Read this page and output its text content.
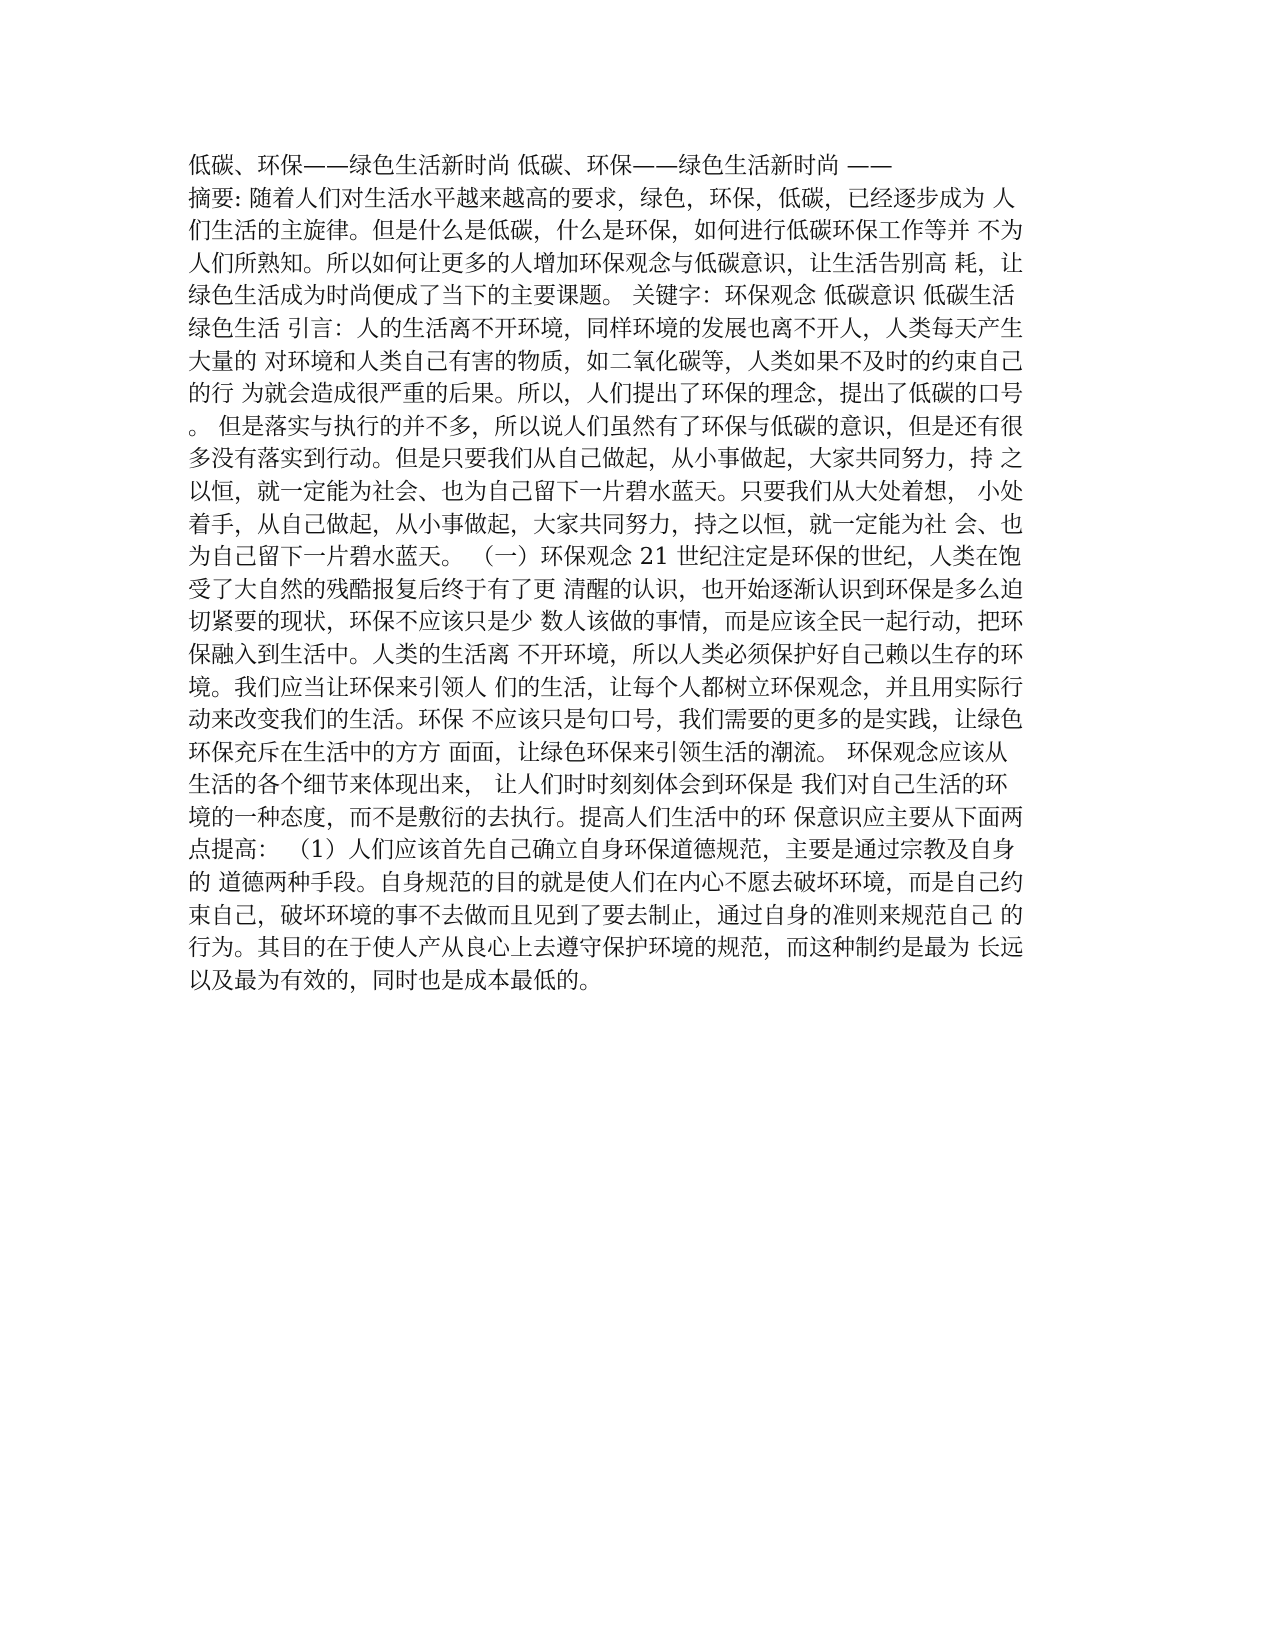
低碳、环保——绿色生活新时尚 低碳、环保——绿色生活新时尚 ——
摘要: 随着人们对生活水平越来越高的要求，绿色，环保，低碳，已经逐步成为 人
们生活的主旋律。但是什么是低碳，什么是环保，如何进行低碳环保工作等并 不为
人们所熟知。所以如何让更多的人增加环保观念与低碳意识，让生活告别高 耗，让
绿色生活成为时尚便成了当下的主要课题。 关键字：环保观念 低碳意识 低碳生活
绿色生活 引言：人的生活离不开环境，同样环境的发展也离不开人，人类每天产生
大量的 对环境和人类自己有害的物质，如二氧化碳等，人类如果不及时的约束自己
的行 为就会造成很严重的后果。所以，人们提出了环保的理念，提出了低碳的口号
。 但是落实与执行的并不多，所以说人们虽然有了环保与低碳的意识，但是还有很
多没有落实到行动。但是只要我们从自己做起，从小事做起，大家共同努力，持 之
以恒，就一定能为社会、也为自己留下一片碧水蓝天。只要我们从大处着想， 小处
着手，从自己做起，从小事做起，大家共同努力，持之以恒，就一定能为社 会、也
为自己留下一片碧水蓝天。 （一）环保观念 21 世纪注定是环保的世纪，人类在饱
受了大自然的残酷报复后终于有了更 清醒的认识，也开始逐渐认识到环保是多么迫
切紧要的现状，环保不应该只是少 数人该做的事情，而是应该全民一起行动，把环
保融入到生活中。人类的生活离 不开环境，所以人类必须保护好自己赖以生存的环
境。我们应当让环保来引领人 们的生活，让每个人都树立环保观念，并且用实际行
动来改变我们的生活。环保 不应该只是句口号，我们需要的更多的是实践，让绿色
环保充斥在生活中的方方 面面，让绿色环保来引领生活的潮流。 环保观念应该从
生活的各个细节来体现出来， 让人们时时刻刻体会到环保是 我们对自己生活的环
境的一种态度，而不是敷衍的去执行。提高人们生活中的环 保意识应主要从下面两
点提高： （1）人们应该首先自己确立自身环保道德规范，主要是通过宗教及自身
的 道德两种手段。自身规范的目的就是使人们在内心不愿去破坏环境，而是自己约
束自己，破坏环境的事不去做而且见到了要去制止，通过自身的准则来规范自己 的
行为。其目的在于使人产从良心上去遵守保护环境的规范，而这种制约是最为 长远
以及最为有效的，同时也是成本最低的。
